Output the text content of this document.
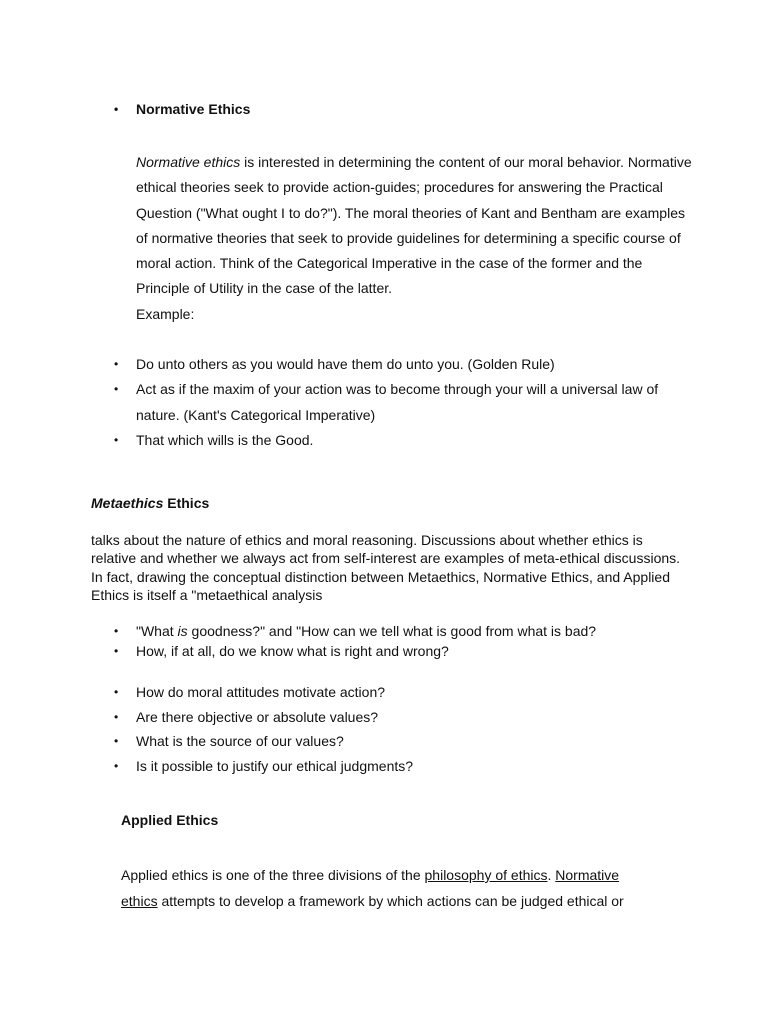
• Normative Ethics
Normative ethics is interested in determining the content of our moral behavior. Normative ethical theories seek to provide action-guides; procedures for answering the Practical Question ("What ought I to do?"). The moral theories of Kant and Bentham are examples of normative theories that seek to provide guidelines for determining a specific course of moral action. Think of the Categorical Imperative in the case of the former and the Principle of Utility in the case of the latter.
Example:
• Do unto others as you would have them do unto you. (Golden Rule)
• Act as if the maxim of your action was to become through your will a universal law of nature. (Kant's Categorical Imperative)
• That which wills is the Good.
Metaethics Ethics
talks about the nature of ethics and moral reasoning. Discussions about whether ethics is relative and whether we always act from self-interest are examples of meta-ethical discussions. In fact, drawing the conceptual distinction between Metaethics, Normative Ethics, and Applied Ethics is itself a "metaethical analysis
• "What is goodness?" and "How can we tell what is good from what is bad?
• How, if at all, do we know what is right and wrong?
• How do moral attitudes motivate action?
• Are there objective or absolute values?
• What is the source of our values?
• Is it possible to justify our ethical judgments?
Applied Ethics
Applied ethics is one of the three divisions of the philosophy of ethics. Normative ethics attempts to develop a framework by which actions can be judged ethical or
